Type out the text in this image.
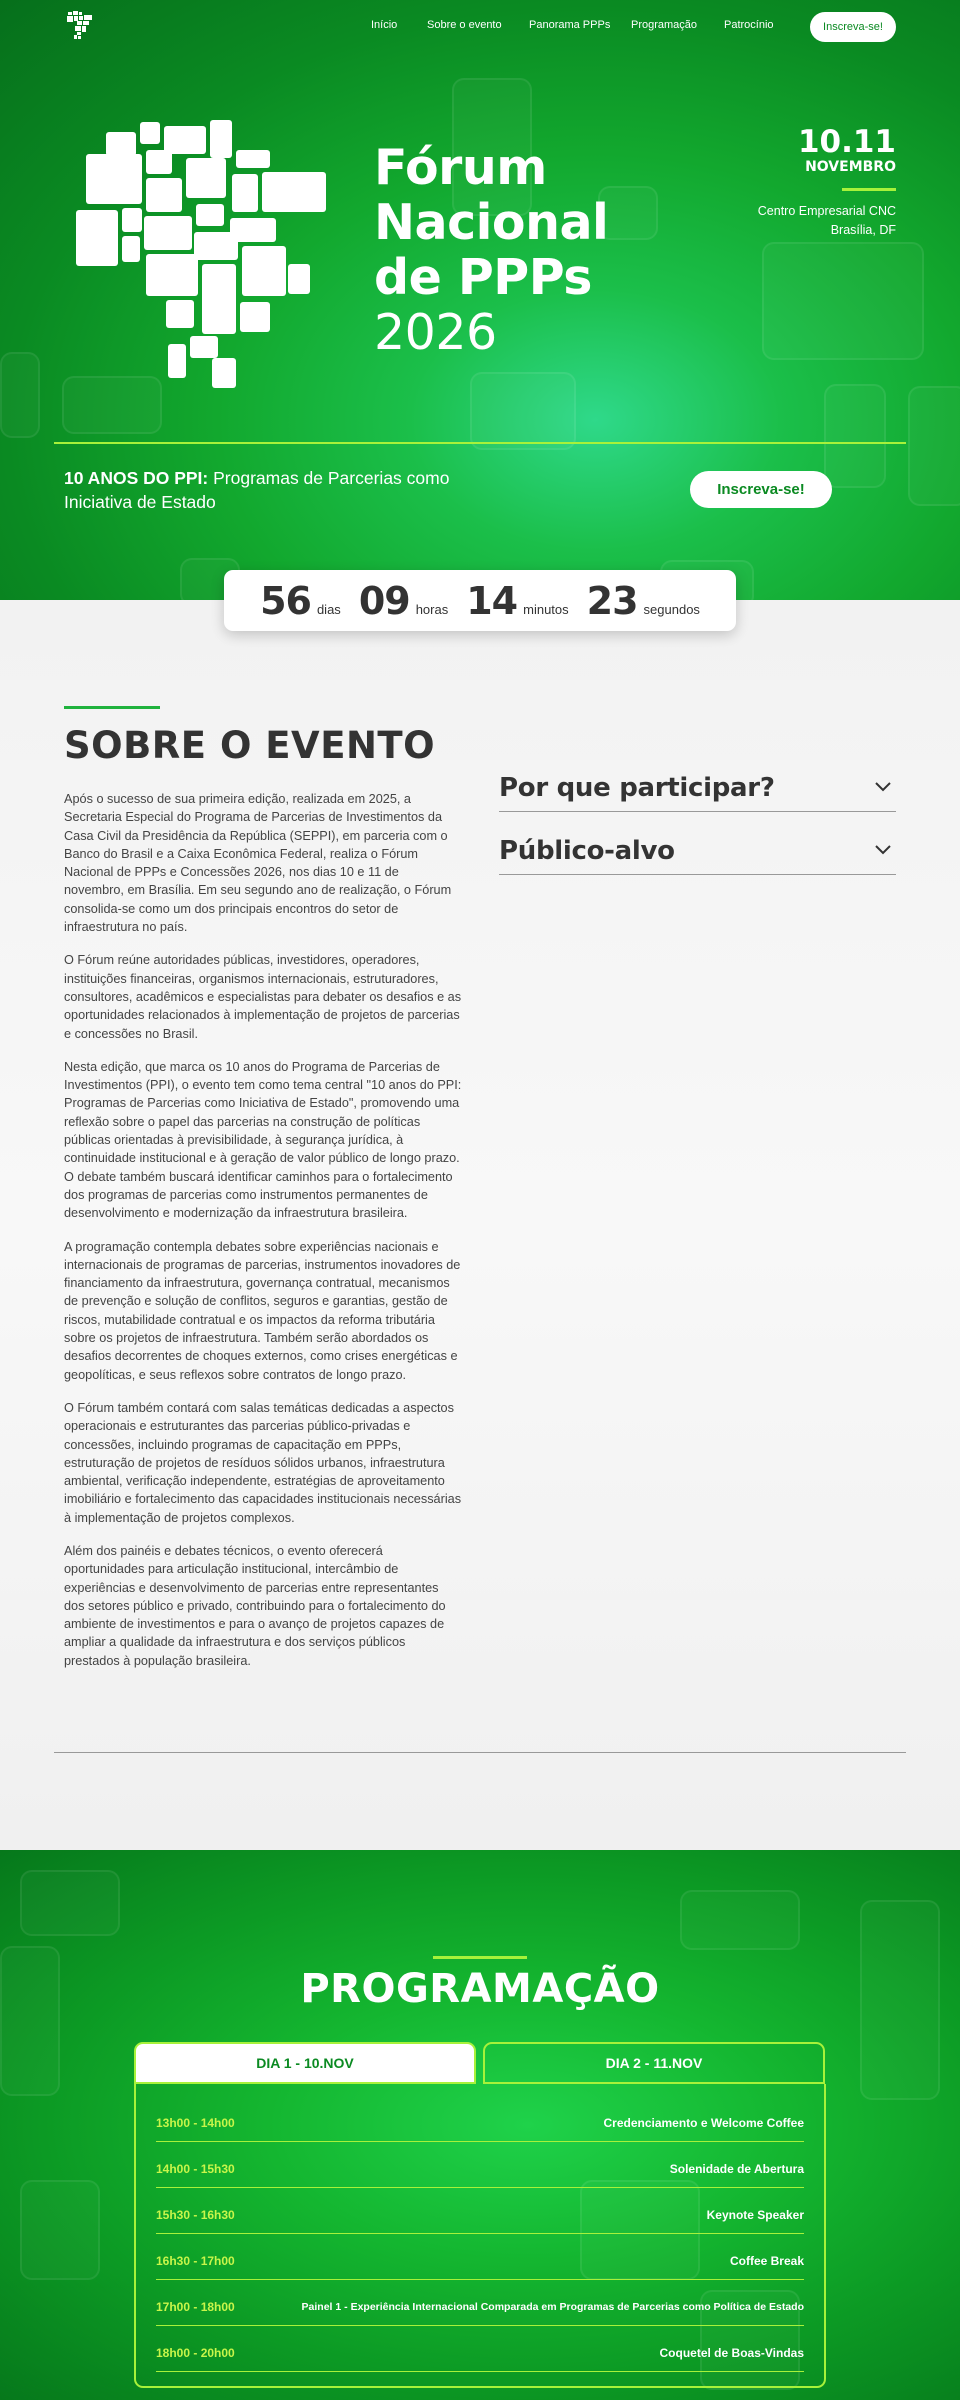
Início	Sobre o evento Panorama PPPs Programação Patrocínio	Inscreva-se!
Fórum
Nacional
de PPPs
2026
10.11
NOVEMBRO
Centro Empresarial CNC
Brasília, DF
10 ANOS DO PPI: Programas de Parcerias como Iniciativa de Estado
Inscreva-se!
SOBRE O EVENTO

Após o sucesso de sua primeira edição, realizada em 2025, a Secretaria Especial do Programa de Parcerias de Investimentos da Casa Civil da Presidência da República (SEPPI), em parceria com o Banco do Brasil e a Caixa Econômica Federal, realiza o Fórum Nacional de PPPs e Concessões 2026, nos dias 10 e 11 de novembro, em Brasília. Em seu segundo ano de realização, o Fórum consolida-se como um dos principais encontros do setor de infraestrutura no país.

O Fórum reúne autoridades públicas, investidores, operadores, instituições financeiras, organismos internacionais, estruturadores, consultores, acadêmicos e especialistas para debater os desafios e as oportunidades relacionados à implementação de projetos de parcerias e concessões no Brasil.

Nesta edição, que marca os 10 anos do Programa de Parcerias de Investimentos (PPI), o evento tem como tema central "10 anos do PPI: Programas de Parcerias como Iniciativa de Estado", promovendo uma reflexão sobre o papel das parcerias na construção de políticas públicas orientadas à previsibilidade, à segurança jurídica, à continuidade institucional e à geração de valor público de longo prazo. O debate também buscará identificar caminhos para o fortalecimento dos programas de parcerias como instrumentos permanentes de desenvolvimento e modernização da infraestrutura brasileira.

A programação contempla debates sobre experiências nacionais e internacionais de programas de parcerias, instrumentos inovadores de financiamento da infraestrutura, governança contratual, mecanismos de prevenção e solução de conflitos, seguros e garantias, gestão de riscos, mutabilidade contratual e os impactos da reforma tributária sobre os projetos de infraestrutura. Também serão abordados os desafios decorrentes de choques externos, como crises energéticas e geopolíticas, e seus reflexos sobre contratos de longo prazo.

O Fórum também contará com salas temáticas dedicadas a aspectos operacionais e estruturantes das parcerias público-privadas e concessões, incluindo programas de capacitação em PPPs, estruturação de projetos de resíduos sólidos urbanos, infraestrutura ambiental, verificação independente, estratégias de aproveitamento imobiliário e fortalecimento das capacidades institucionais necessárias à implementação de projetos complexos.

Além dos painéis e debates técnicos, o evento oferecerá oportunidades para articulação institucional, intercâmbio de experiências e desenvolvimento de parcerias entre representantes dos setores público e privado, contribuindo para o fortalecimento do ambiente de investimentos e para o avanço de projetos capazes de ampliar a qualidade da infraestrutura e dos serviços públicos prestados à população brasileira.

Por que participar?
Público-alvo
56 dias 09 horas 14 minutos 23 segundos
PROGRAMAÇÃO
DIA 1 - 10.NOV	DIA 2 - 11.NOV
13h00 - 14h00	Credenciamento e Welcome Coffee
14h00 - 15h30	Solenidade de Abertura
15h30 - 16h30	Keynote Speaker
16h30 - 17h00	Coffee Break
17h00 - 18h00	Painel 1 - Experiência Internacional Comparada em Programas de Parcerias como Política de Estado
18h00 - 20h00	Coquetel de Boas-Vindas
